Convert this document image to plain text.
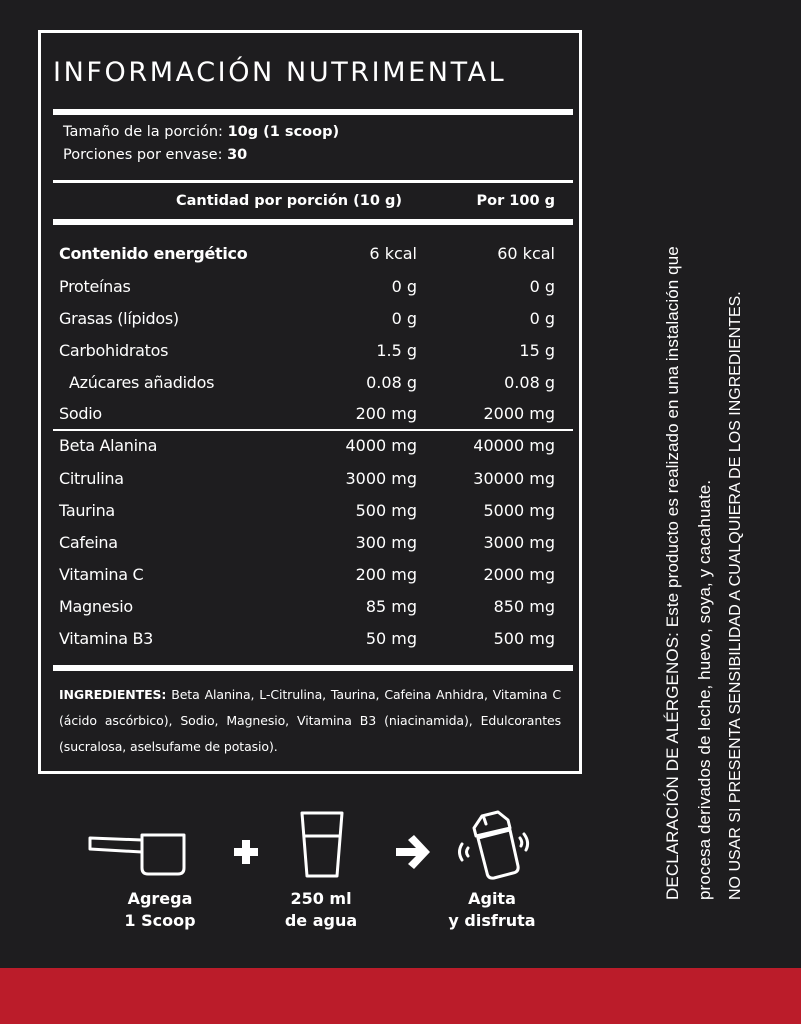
INFORMACIÓN NUTRIMENTAL
Tamaño de la porción: 10g (1 scoop)
Porciones por envase: 30
Cantidad por porción (10 g)	Por 100 g
Contenido energético	6 kcal	60 kcal
Proteínas	0 g	0 g
Grasas (lípidos)	0 g	0 g
Carbohidratos	1.5 g	15 g
Azúcares añadidos	0.08 g	0.08 g
Sodio	200 mg	2000 mg
Beta Alanina	4000 mg	40000 mg
Citrulina	3000 mg	30000 mg
Taurina	500 mg	5000 mg
Cafeina	300 mg	3000 mg
Vitamina C	200 mg	2000 mg
Magnesio	85 mg	850 mg
Vitamina B3	50 mg	500 mg
INGREDIENTES: Beta Alanina, L-Citrulina, Taurina, Cafeina Anhidra, Vitamina C (ácido ascórbico), Sodio, Magnesio, Vitamina B3 (niacinamida), Edulcorantes (sucralosa, aselsufame de potasio).	DECLARACIÓN DE ALÉRGENOS: Este producto es realizado en una instalación que procesa derivados de leche, huevo, soya, y cacahuate. NO USAR SI PRESENTA SENSIBILIDAD A CUALQUIERA DE LOS INGREDIENTES.
Agrega
1 Scoop
250 ml
de agua
Agita
y disfruta
